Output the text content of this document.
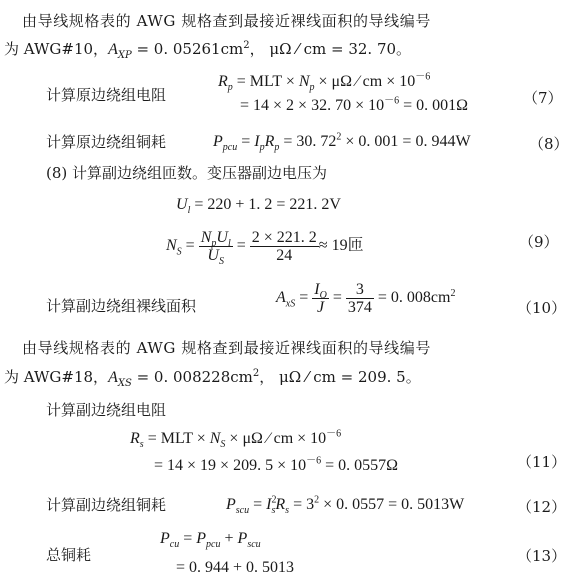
由导线规格表的 AWG 规格查到最接近裸线面积的导线编号
为 AWG#10，$A_{XP} = 0$. $05261cm^2$， μΩ ⁄ cm = 32. 70。
计算原边绕组电阻
$R_p$ = MLT × $N_p \times \mu\Omega$ ⁄ cm × $10^{-6}$
= 14 × 2 × 32. $70 \times 10^{-6} = 0$. 001Ω	（7）
计算原边绕组铜耗	$P_{pcu} = I_pR_p = 30$. $72^2 \times 0$. 001 = 0. 944W	（8）
(8) 计算副边绕组匝数。变压器副边电压为
$U_l = 220 + 1$. 2 = 221. 2V
$N_S = \frac{N_pU_l}{U_S} = \frac{2 \times 221. 2}{24} \approx 19$匝	（9）
计算副边绕组裸线面积	$A_{xS} = \frac{I_O}{J} = \frac{3}{374} = 0$. $008cm^2$
（10）
由导线规格表的 AWG 规格查到最接近裸线面积的导线编号
为 AWG#18，$A_{XS} = 0$. $008228cm^2$， μΩ ⁄ cm = 209. 5。
计算副边绕组电阻
$R_s$ = MLT × $N_S \times \mu\Omega$ ⁄ cm × $10^{-6}$
= 14 × 19 × 209. $5 \times 10^{-6} = 0$. 0557Ω	（11）
计算副边绕组铜耗	$P_{scu} = I^2_sR_s = 3^2 \times 0$. 0557 = 0. 5013W	（12）
总铜耗
$P_{cu} = P_{pcu} + P_{scu}$
= 0. 944 + 0. 5013
（13）
